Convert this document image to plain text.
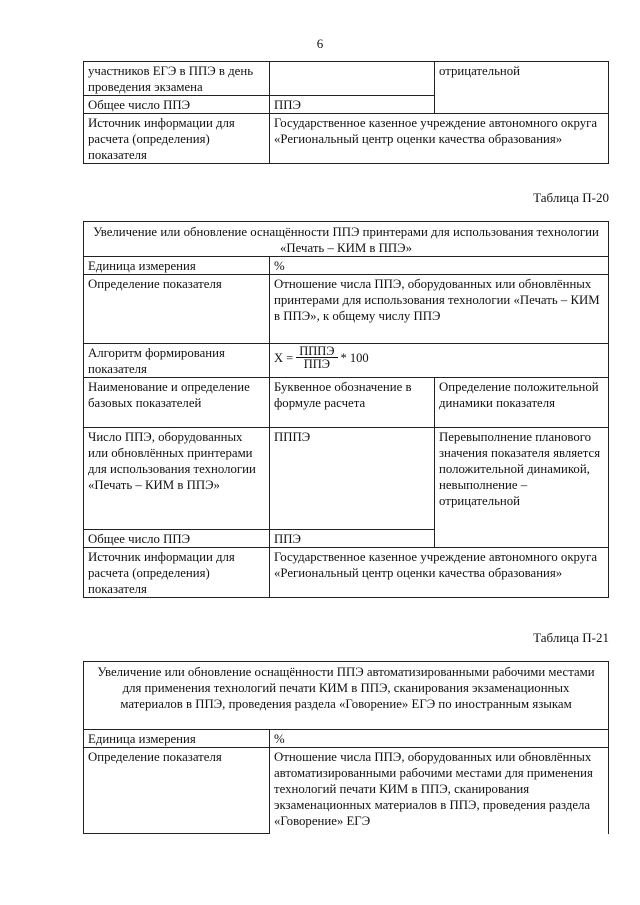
6
участников ЕГЭ в ППЭ в день проведения экзамена		отрицательной
Общее число ППЭ	ППЭ	
Источник информации для расчета (определения) показателя	Государственное казенное учреждение автономного округа «Региональный центр оценки качества образования»	
Таблица П-20
Увеличение или обновление оснащённости ППЭ принтерами для использования технологии «Печать – КИМ в ППЭ»		
Единица измерения	%	
Определение показателя	Отношение числа ППЭ, оборудованных или обновлённых принтерами для использования технологии «Печать – КИМ в ППЭ», к общему числу ППЭ	
Алгоритм формирования показателя	$X = \frac{\text{ПППЭ}}{\text{ППЭ}} * 100$	

Наименование и определение базовых показателей	Буквенное обозначение в формуле расчета	Определение положительной динамики показателя
Число ППЭ, оборудованных или обновлённых принтерами для использования технологии «Печать – КИМ в ППЭ»	ПППЭ	Перевыполнение планового значения показателя является положительной динамикой, невыполнение – отрицательной
Общее число ППЭ	ППЭ	
Источник информации для расчета (определения) показателя	Государственное казенное учреждение автономного округа «Региональный центр оценки качества образования»	
Таблица П-21
Увеличение или обновление оснащённости ППЭ автоматизированными рабочими местами для применения технологий печати КИМ в ППЭ, сканирования экзаменационных материалов в ППЭ, проведения раздела «Говорение» ЕГЭ по иностранным языкам	
Единица измерения	%
Определение показателя	Отношение числа ППЭ, оборудованных или обновлённых автоматизированными рабочими местами для применения технологий печати КИМ в ППЭ, сканирования экзаменационных материалов в ППЭ, проведения раздела «Говорение» ЕГЭ
